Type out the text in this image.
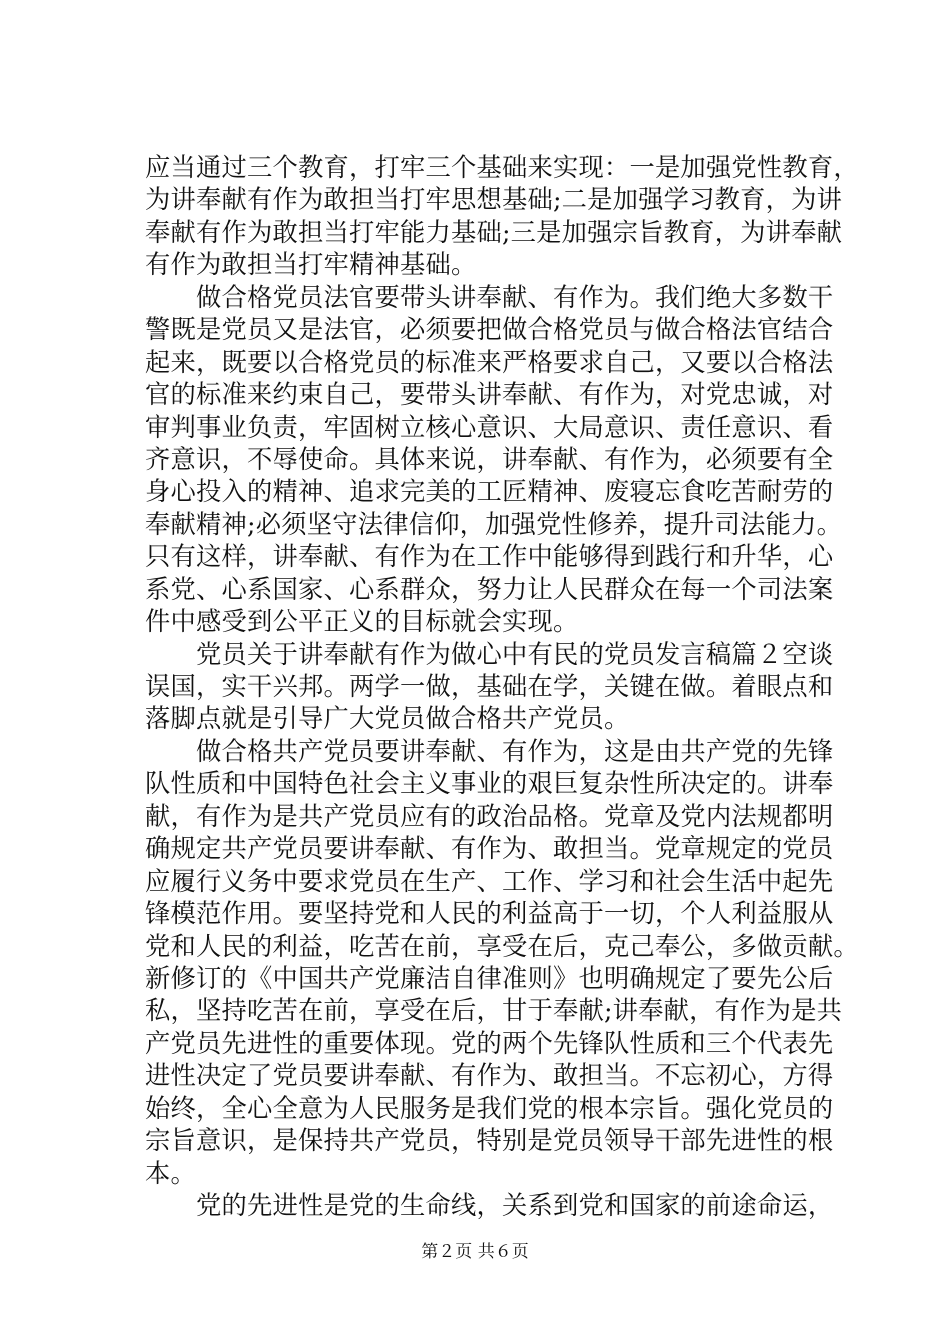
应当通过三个教育，打牢三个基础来实现：一是加强党性教育，
为讲奉献有作为敢担当打牢思想基础;二是加强学习教育，为讲
奉献有作为敢担当打牢能力基础;三是加强宗旨教育，为讲奉献
有作为敢担当打牢精神基础。
　　做合格党员法官要带头讲奉献、有作为。我们绝大多数干
警既是党员又是法官，必须要把做合格党员与做合格法官结合
起来，既要以合格党员的标准来严格要求自己，又要以合格法
官的标准来约束自己，要带头讲奉献、有作为，对党忠诚，对
审判事业负责，牢固树立核心意识、大局意识、责任意识、看
齐意识，不辱使命。具体来说，讲奉献、有作为，必须要有全
身心投入的精神、追求完美的工匠精神、废寝忘食吃苦耐劳的
奉献精神;必须坚守法律信仰，加强党性修养，提升司法能力。
只有这样，讲奉献、有作为在工作中能够得到践行和升华，心
系党、心系国家、心系群众，努力让人民群众在每一个司法案
件中感受到公平正义的目标就会实现。
　　党员关于讲奉献有作为做心中有民的党员发言稿篇２空谈
误国，实干兴邦。两学一做，基础在学，关键在做。着眼点和
落脚点就是引导广大党员做合格共产党员。
　　做合格共产党员要讲奉献、有作为，这是由共产党的先锋
队性质和中国特色社会主义事业的艰巨复杂性所决定的。讲奉
献，有作为是共产党员应有的政治品格。党章及党内法规都明
确规定共产党员要讲奉献、有作为、敢担当。党章规定的党员
应履行义务中要求党员在生产、工作、学习和社会生活中起先
锋模范作用。要坚持党和人民的利益高于一切，个人利益服从
党和人民的利益，吃苦在前，享受在后，克己奉公，多做贡献。
新修订的《中国共产党廉洁自律准则》也明确规定了要先公后
私，坚持吃苦在前，享受在后，甘于奉献;讲奉献，有作为是共
产党员先进性的重要体现。党的两个先锋队性质和三个代表先
进性决定了党员要讲奉献、有作为、敢担当。不忘初心，方得
始终，全心全意为人民服务是我们党的根本宗旨。强化党员的
宗旨意识，是保持共产党员，特别是党员领导干部先进性的根
本。
　　党的先进性是党的生命线，关系到党和国家的前途命运，
第２页 共６页
